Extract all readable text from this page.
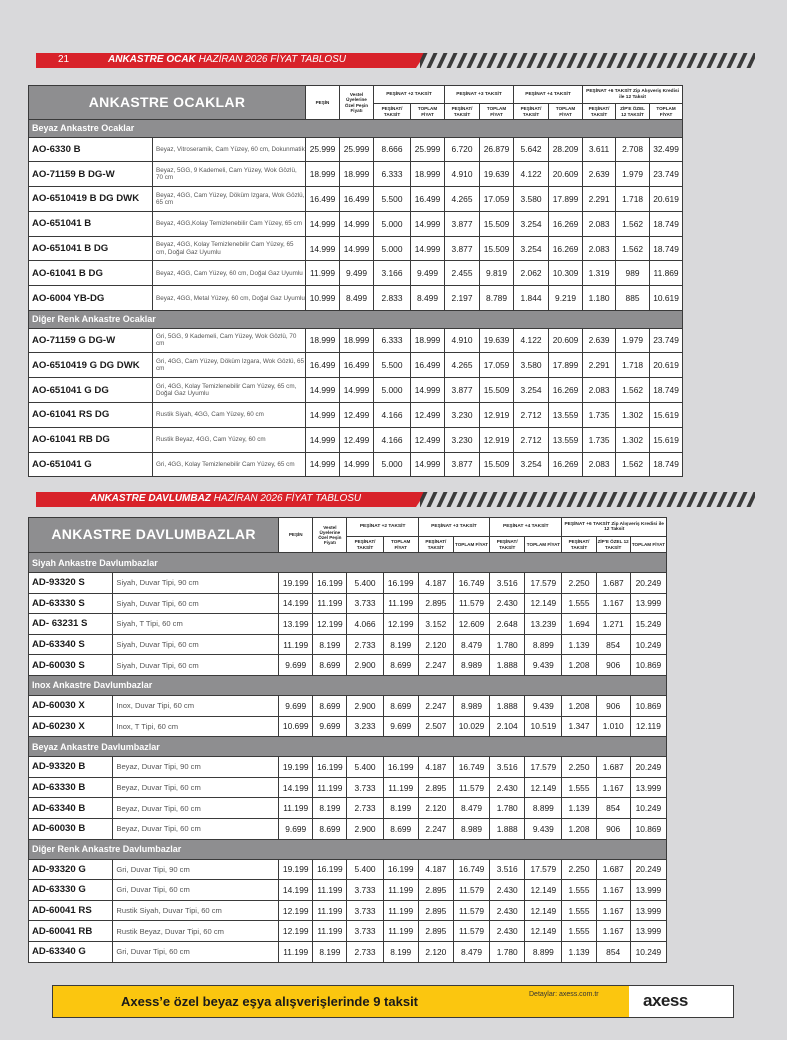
21	ANKASTRE OCAK HAZİRAN 2026 FİYAT TABLOSU
ANKASTRE OCAKLAR		PEŞİN	Vestel Üyelerine Özel Peşin Fiyatı	PEŞİNAT +2 TAKSİT		PEŞİNAT +3 TAKSİT		PEŞİNAT +4 TAKSİT		PEŞİNAT +6 TAKSİT Zip Alışveriş Kredisi ile 12 Taksit		
				PEŞİNAT/ TAKSİT	TOPLAM FİYAT	PEŞİNAT/ TAKSİT	TOPLAM FİYAT	PEŞİNAT/ TAKSİT	TOPLAM FİYAT	PEŞİNAT/ TAKSİT	ZİP'E ÖZEL 12 TAKSİT	TOPLAM FİYAT
Beyaz Ankastre Ocaklar												
AO-6330 B	Beyaz, Vitroseramik, Cam Yüzey, 60 cm, Dokunmatik	25.999	25.999	8.666	25.999	6.720	26.879	5.642	28.209	3.611	2.708	32.499
AO-71159 B DG-W	Beyaz, 5GG, 9 Kademeli, Cam Yüzey, Wok Gözlü, 70 cm	18.999	18.999	6.333	18.999	4.910	19.639	4.122	20.609	2.639	1.979	23.749
AO-6510419 B DG DWK	Beyaz, 4GG, Cam Yüzey, Döküm Izgara, Wok Gözlü, 65 cm	16.499	16.499	5.500	16.499	4.265	17.059	3.580	17.899	2.291	1.718	20.619
AO-651041 B	Beyaz, 4GG,Kolay Temizlenebilir Cam Yüzey, 65 cm	14.999	14.999	5.000	14.999	3.877	15.509	3.254	16.269	2.083	1.562	18.749
AO-651041 B DG	Beyaz, 4GG, Kolay Temizlenebilir Cam Yüzey, 65 cm, Doğal Gaz Uyumlu	14.999	14.999	5.000	14.999	3.877	15.509	3.254	16.269	2.083	1.562	18.749
AO-61041 B DG	Beyaz, 4GG, Cam Yüzey, 60 cm, Doğal Gaz Uyumlu	11.999	9.499	3.166	9.499	2.455	9.819	2.062	10.309	1.319	989	11.869
AO-6004 YB-DG	Beyaz, 4GG, Metal Yüzey, 60 cm, Doğal Gaz Uyumlu	10.999	8.499	2.833	8.499	2.197	8.789	1.844	9.219	1.180	885	10.619
Diğer Renk Ankastre Ocaklar												
AO-71159 G DG-W	Gri, 5GG, 9 Kademeli, Cam Yüzey, Wok Gözlü, 70 cm	18.999	18.999	6.333	18.999	4.910	19.639	4.122	20.609	2.639	1.979	23.749
AO-6510419 G DG DWK	Gri, 4GG, Cam Yüzey, Döküm Izgara, Wok Gözlü, 65 cm	16.499	16.499	5.500	16.499	4.265	17.059	3.580	17.899	2.291	1.718	20.619
AO-651041 G DG	Gri, 4GG, Kolay Temizlenebilir Cam Yüzey, 65 cm, Doğal Gaz Uyumlu	14.999	14.999	5.000	14.999	3.877	15.509	3.254	16.269	2.083	1.562	18.749
AO-61041 RS DG	Rustik Siyah, 4GG, Cam Yüzey, 60 cm	14.999	12.499	4.166	12.499	3.230	12.919	2.712	13.559	1.735	1.302	15.619
AO-61041 RB DG	Rustik Beyaz, 4GG, Cam Yüzey, 60 cm	14.999	12.499	4.166	12.499	3.230	12.919	2.712	13.559	1.735	1.302	15.619
AO-651041 G	Gri, 4GG, Kolay Temizlenebilir Cam Yüzey, 65 cm	14.999	14.999	5.000	14.999	3.877	15.509	3.254	16.269	2.083	1.562	18.749
ANKASTRE DAVLUMBAZ HAZİRAN 2026 FİYAT TABLOSU
ANKASTRE DAVLUMBAZLAR		PEŞİN	Vestel Üyelerine Özel Peşin Fiyatı	PEŞİNAT +2 TAKSİT		PEŞİNAT +3 TAKSİT		PEŞİNAT +4 TAKSİT		PEŞİNAT +6 TAKSİT Zip Alışveriş Kredisi ile 12 Taksit		
				PEŞİNAT/ TAKSİT	TOPLAM FİYAT	PEŞİNAT/ TAKSİT	TOPLAM FİYAT	PEŞİNAT/ TAKSİT	TOPLAM FİYAT	PEŞİNAT/ TAKSİT	ZİP'E ÖZEL 12 TAKSİT	TOPLAM FİYAT
Siyah Ankastre Davlumbazlar												
AD-93320 S	Siyah, Duvar Tipi, 90 cm	19.199	16.199	5.400	16.199	4.187	16.749	3.516	17.579	2.250	1.687	20.249
AD-63330 S	Siyah, Duvar Tipi, 60 cm	14.199	11.199	3.733	11.199	2.895	11.579	2.430	12.149	1.555	1.167	13.999
AD- 63231 S	Siyah, T Tipi, 60 cm	13.199	12.199	4.066	12.199	3.152	12.609	2.648	13.239	1.694	1.271	15.249
AD-63340 S	Siyah, Duvar Tipi, 60 cm	11.199	8.199	2.733	8.199	2.120	8.479	1.780	8.899	1.139	854	10.249
AD-60030 S	Siyah, Duvar Tipi, 60 cm	9.699	8.699	2.900	8.699	2.247	8.989	1.888	9.439	1.208	906	10.869
Inox Ankastre Davlumbazlar												
AD-60030 X	Inox, Duvar Tipi, 60 cm	9.699	8.699	2.900	8.699	2.247	8.989	1.888	9.439	1.208	906	10.869
AD-60230 X	Inox, T Tipi, 60 cm	10.699	9.699	3.233	9.699	2.507	10.029	2.104	10.519	1.347	1.010	12.119
Beyaz Ankastre Davlumbazlar												
AD-93320 B	Beyaz, Duvar Tipi, 90 cm	19.199	16.199	5.400	16.199	4.187	16.749	3.516	17.579	2.250	1.687	20.249
AD-63330 B	Beyaz, Duvar Tipi, 60 cm	14.199	11.199	3.733	11.199	2.895	11.579	2.430	12.149	1.555	1.167	13.999
AD-63340 B	Beyaz, Duvar Tipi, 60 cm	11.199	8.199	2.733	8.199	2.120	8.479	1.780	8.899	1.139	854	10.249
AD-60030 B	Beyaz, Duvar Tipi, 60 cm	9.699	8.699	2.900	8.699	2.247	8.989	1.888	9.439	1.208	906	10.869
Diğer Renk Ankastre Davlumbazlar												
AD-93320 G	Gri, Duvar Tipi, 90 cm	19.199	16.199	5.400	16.199	4.187	16.749	3.516	17.579	2.250	1.687	20.249
AD-63330 G	Gri, Duvar Tipi, 60 cm	14.199	11.199	3.733	11.199	2.895	11.579	2.430	12.149	1.555	1.167	13.999
AD-60041 RS	Rustik Siyah, Duvar Tipi, 60 cm	12.199	11.199	3.733	11.199	2.895	11.579	2.430	12.149	1.555	1.167	13.999
AD-60041 RB	Rustik Beyaz, Duvar Tipi, 60 cm	12.199	11.199	3.733	11.199	2.895	11.579	2.430	12.149	1.555	1.167	13.999
AD-63340 G	Gri, Duvar Tipi, 60 cm	11.199	8.199	2.733	8.199	2.120	8.479	1.780	8.899	1.139	854	10.249
Axess’e özel beyaz eşya alışverişlerinde 9 taksit	Detaylar: axess.com.tr	axess
